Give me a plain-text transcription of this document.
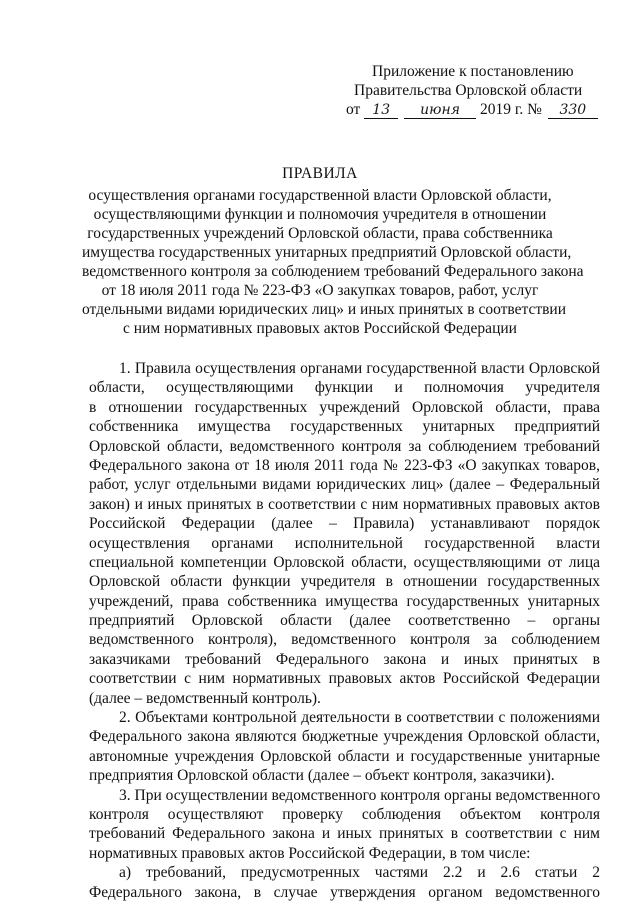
Приложение к постановлению
Правительства Орловской области
от 13 июня 2019 г. № 330
ПРАВИЛА
осуществления органами государственной власти Орловской области,
осуществляющими функции и полномочия учредителя в отношении
государственных учреждений Орловской области, права собственника
имущества государственных унитарных предприятий Орловской области,
ведомственного контроля за соблюдением требований Федерального закона
от 18 июля 2011 года № 223-ФЗ «О закупках товаров, работ, услуг
отдельными видами юридических лиц» и иных принятых в соответствии
с ним нормативных правовых актов Российской Федерации
1. Правила осуществления органами государственной власти Орловской
области, осуществляющими функции и полномочия учредителя
в отношении государственных учреждений Орловской области, права
собственника имущества государственных унитарных предприятий
Орловской области, ведомственного контроля за соблюдением требований
Федерального закона от 18 июля 2011 года № 223-ФЗ «О закупках товаров,
работ, услуг отдельными видами юридических лиц» (далее – Федеральный
закон) и иных принятых в соответствии с ним нормативных правовых актов
Российской Федерации (далее – Правила) устанавливают порядок
осуществления органами исполнительной государственной власти
специальной компетенции Орловской области, осуществляющими от лица
Орловской области функции учредителя в отношении государственных
учреждений, права собственника имущества государственных унитарных
предприятий Орловской области (далее соответственно – органы
ведомственного контроля), ведомственного контроля за соблюдением
заказчиками требований Федерального закона и иных принятых в
соответствии с ним нормативных правовых актов Российской Федерации
(далее – ведомственный контроль).
2. Объектами контрольной деятельности в соответствии с положениями
Федерального закона являются бюджетные учреждения Орловской области,
автономные учреждения Орловской области и государственные унитарные
предприятия Орловской области (далее – объект контроля, заказчики).
3. При осуществлении ведомственного контроля органы ведомственного
контроля осуществляют проверку соблюдения объектом контроля
требований Федерального закона и иных принятых в соответствии с ним
нормативных правовых актов Российской Федерации, в том числе:
а) требований, предусмотренных частями 2.2 и 2.6 статьи 2
Федерального закона, в случае утверждения органом ведомственного
